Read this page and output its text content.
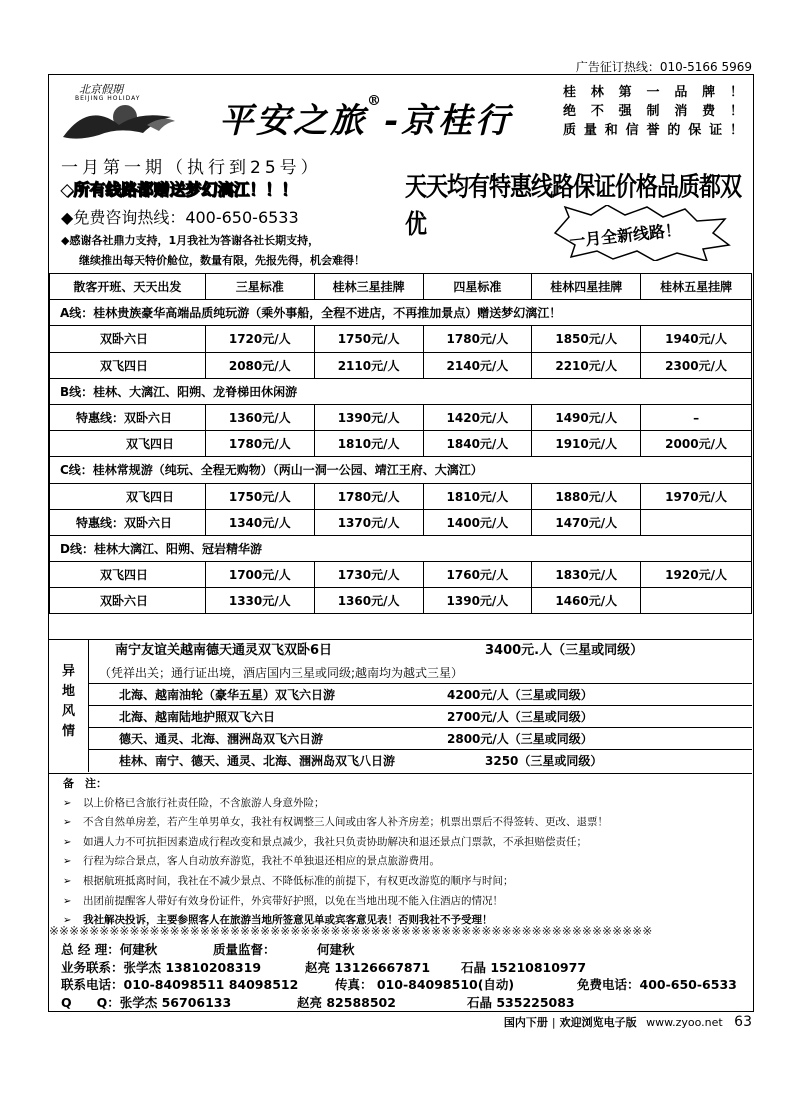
广告征订热线：010-5166 5969
北京假期
BEIJING HOLIDAY
平安之旅®-京桂行
桂林第一品牌！
绝不强制消费！
质量和信誉的保证！
一月第一期（执行到25号）
天天均有特惠线路保证价格品质都双优
◆所有线路都赠送梦幻漓江！！！
◆免费咨询热线：400-650-6533
◆感谢各社鼎力支持，1月我社为答谢各社长期支持，
继续推出每天特价舱位，数量有限，先报先得，机会难得！
一月全新线路！
散客开班、天天出发	三星标准	桂林三星挂牌	四星标准	桂林四星挂牌	桂林五星挂牌
A线：桂林贵族豪华高端品质纯玩游（乘外事船，全程不进店，不再推加景点）赠送梦幻漓江！					
双卧六日	1720元/人	1750元/人	1780元/人	1850元/人	1940元/人
双飞四日	2080元/人	2110元/人	2140元/人	2210元/人	2300元/人
B线：桂林、大漓江、阳朔、龙脊梯田休闲游					
特惠线：双卧六日	1360元/人	1390元/人	1420元/人	1490元/人	–
双飞四日	1780元/人	1810元/人	1840元/人	1910元/人	2000元/人
C线：桂林常规游（纯玩、全程无购物）（两山一洞一公园、靖江王府、大漓江）					
双飞四日	1750元/人	1780元/人	1810元/人	1880元/人	1970元/人
特惠线：双卧六日	1340元/人	1370元/人	1400元/人	1470元/人	
D线：桂林大漓江、阳朔、冠岩精华游					
双飞四日	1700元/人	1730元/人	1760元/人	1830元/人	1920元/人
双卧六日	1330元/人	1360元/人	1390元/人	1460元/人	
异
地
风
情
南宁友谊关越南德天通灵双飞双卧6日	3400元.人（三星或同级）
（凭祥出关；通行证出境，酒店国内三星或同级;越南均为越式三星）
北海、越南油轮（豪华五星）双飞六日游	4200元/人（三星或同级）
北海、越南陆地护照双飞六日	2700元/人（三星或同级）
德天、通灵、北海、涠洲岛双飞六日游	2800元/人（三星或同级）
桂林、南宁、德天、通灵、北海、涠洲岛双飞八日游	3250（三星或同级）
备　注：
➢ 以上价格已含旅行社责任险，不含旅游人身意外险；
➢ 不含自然单房差，若产生单男单女，我社有权调整三人间或由客人补齐房差；机票出票后不得签转、更改、退票！
➢ 如遇人力不可抗拒因素造成行程改变和景点减少，我社只负责协助解决和退还景点门票款，不承担赔偿责任；
➢ 行程为综合景点，客人自动放弃游览，我社不单独退还相应的景点旅游费用。
➢ 根据航班抵离时间，我社在不减少景点、不降低标准的前提下，有权更改游览的顺序与时间；
➢ 出团前提醒客人带好有效身份证件，外宾带好护照，以免在当地出现不能入住酒店的情况！
➢ 我社解决投诉，主要参照客人在旅游当地所签意见单或宾客意见表！否则我社不予受理！
※※※※※※※※※※※※※※※※※※※※※※※※※※※※※※※※※※※※※※※※※※※※※※※※※※※※※※※※※※※※
总 经 理：何建秋	质量监督：	何建秋
业务联系：张学杰 13810208319	赵亮 13126667871 石晶 15210810977
联系电话：010-84098511 84098512	传真： 010-84098510(自动)	免费电话：400-650-6533
Q　　Q：张学杰 56706133	赵亮 82588502	石晶 535225083
国内下册 | 欢迎浏览电子版 www.zyoo.net 63
